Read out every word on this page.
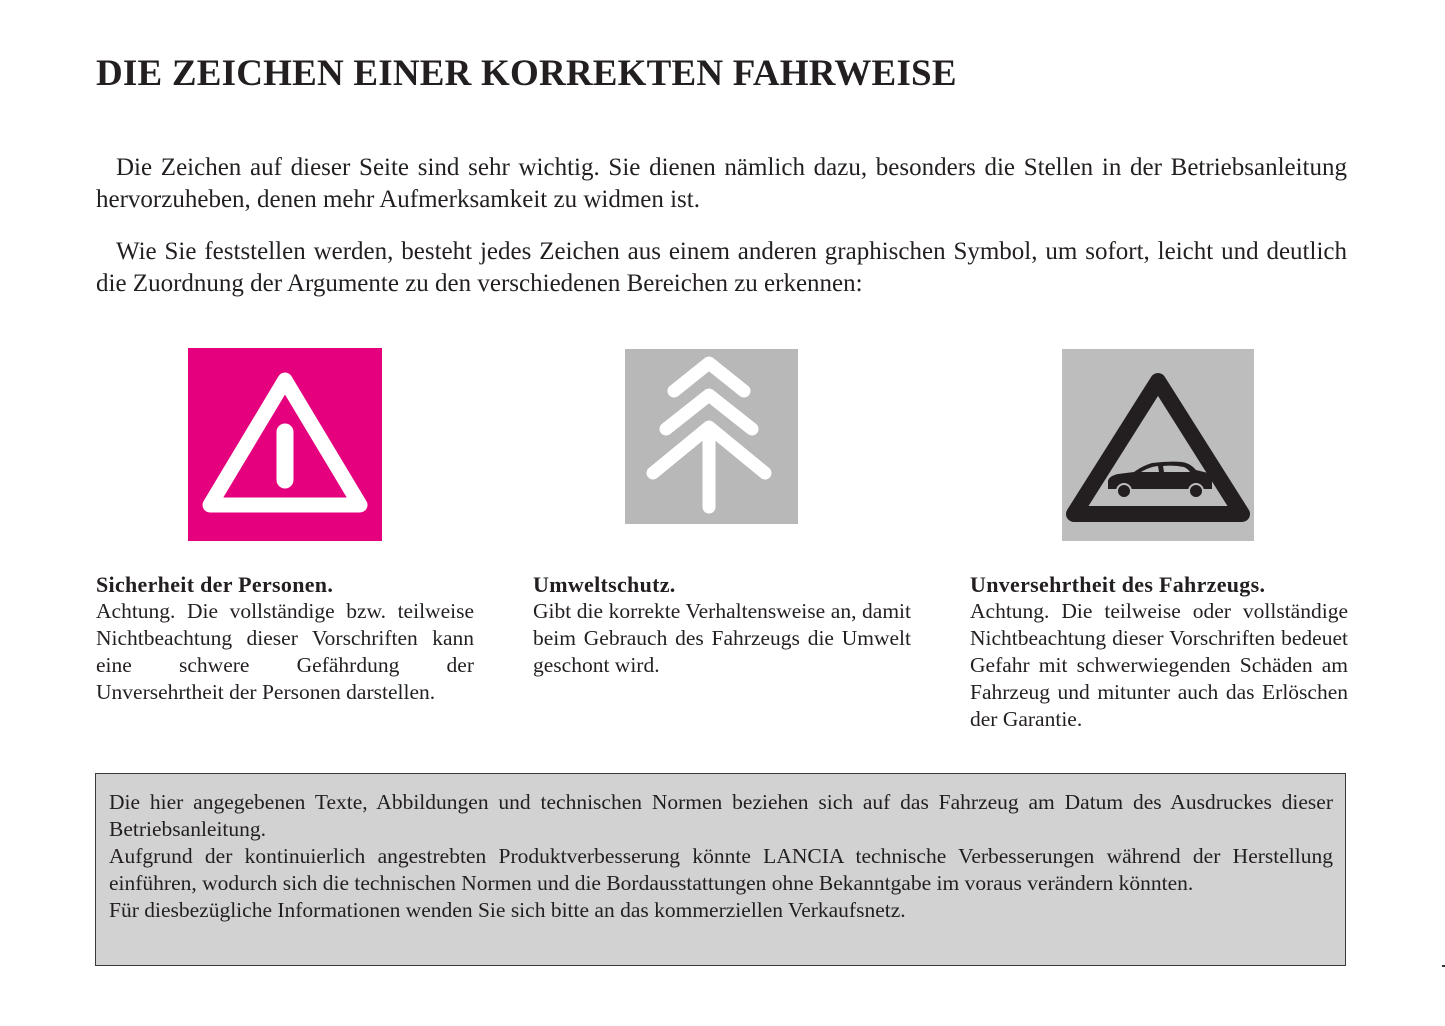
DIE ZEICHEN EINER KORREKTEN FAHRWEISE

Die Zeichen auf dieser Seite sind sehr wichtig. Sie dienen nämlich dazu, besonders die Stellen in der Betriebsanleitung hervorzuheben, denen mehr Aufmerksamkeit zu widmen ist.

Wie Sie feststellen werden, besteht jedes Zeichen aus einem anderen graphischen Symbol, um sofort, leicht und deutlich die Zuordnung der Argumente zu den verschiedenen Bereichen zu erkennen:

Sicherheit der Personen.
Achtung. Die vollständige bzw. teilweise Nichtbeachtung dieser Vorschriften kann eine schwere Gefährdung der Unversehrtheit der Personen darstellen.
Umweltschutz.
Gibt die korrekte Verhaltensweise an, damit beim Gebrauch des Fahrzeugs die Umwelt geschont wird.
Unversehrtheit des Fahrzeugs.
Achtung. Die teilweise oder vollständige Nichtbeachtung dieser Vorschriften bedeuet Gefahr mit schwerwiegenden Schäden am Fahrzeug und mitunter auch das Erlöschen der Garantie.

Die hier angegebenen Texte, Abbildungen und technischen Normen beziehen sich auf das Fahrzeug am Datum des Ausdruckes dieser Betriebsanleitung.

Aufgrund der kontinuierlich angestrebten Produktverbesserung könnte LANCIA technische Verbesserungen während der Herstellung einführen, wodurch sich die technischen Normen und die Bordausstattungen ohne Bekanntgabe im voraus verändern könnten.

Für diesbezügliche Informationen wenden Sie sich bitte an das kommerziellen Verkaufsnetz.
